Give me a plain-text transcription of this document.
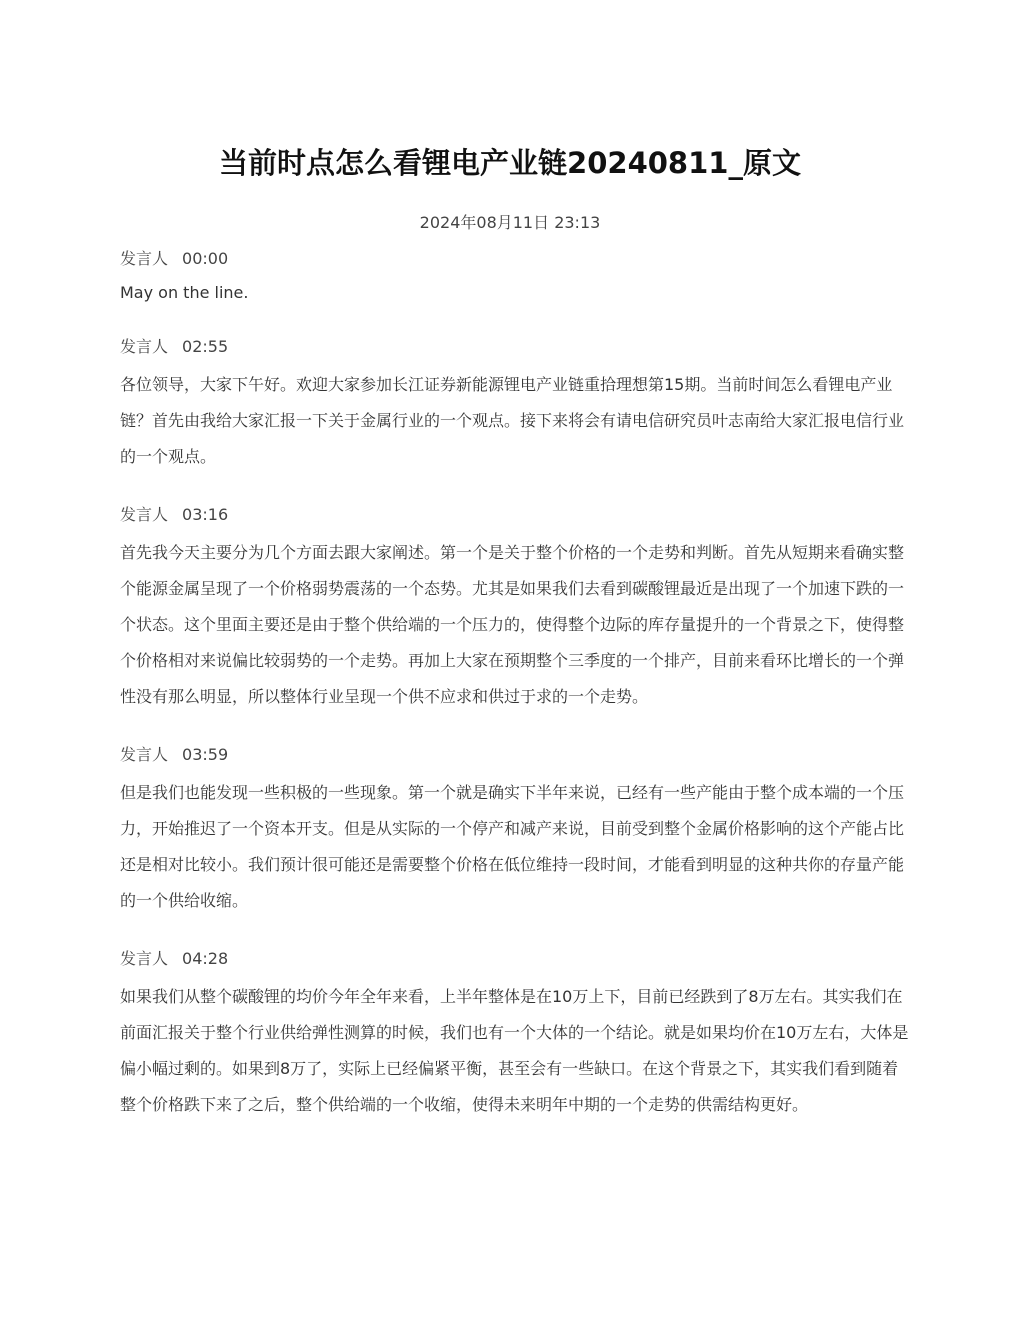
当前时点怎么看锂电产业链20240811_原文
2024年08月11日 23:13
发言人 00:00

May on the line.

发言人 02:55

各位领导，大家下午好。欢迎大家参加长江证券新能源锂电产业链重拾理想第15期。当前时间怎么看锂电产业链？首先由我给大家汇报一下关于金属行业的一个观点。接下来将会有请电信研究员叶志南给大家汇报电信行业的一个观点。

发言人 03:16

首先我今天主要分为几个方面去跟大家阐述。第一个是关于整个价格的一个走势和判断。首先从短期来看确实整个能源金属呈现了一个价格弱势震荡的一个态势。尤其是如果我们去看到碳酸锂最近是出现了一个加速下跌的一个状态。这个里面主要还是由于整个供给端的一个压力的，使得整个边际的库存量提升的一个背景之下，使得整个价格相对来说偏比较弱势的一个走势。再加上大家在预期整个三季度的一个排产，目前来看环比增长的一个弹性没有那么明显，所以整体行业呈现一个供不应求和供过于求的一个走势。

发言人 03:59

但是我们也能发现一些积极的一些现象。第一个就是确实下半年来说，已经有一些产能由于整个成本端的一个压力，开始推迟了一个资本开支。但是从实际的一个停产和减产来说，目前受到整个金属价格影响的这个产能占比还是相对比较小。我们预计很可能还是需要整个价格在低位维持一段时间，才能看到明显的这种共你的存量产能的一个供给收缩。

发言人 04:28

如果我们从整个碳酸锂的均价今年全年来看，上半年整体是在10万上下，目前已经跌到了8万左右。其实我们在前面汇报关于整个行业供给弹性测算的时候，我们也有一个大体的一个结论。就是如果均价在10万左右，大体是偏小幅过剩的。如果到8万了，实际上已经偏紧平衡，甚至会有一些缺口。在这个背景之下，其实我们看到随着整个价格跌下来了之后，整个供给端的一个收缩，使得未来明年中期的一个走势的供需结构更好。
